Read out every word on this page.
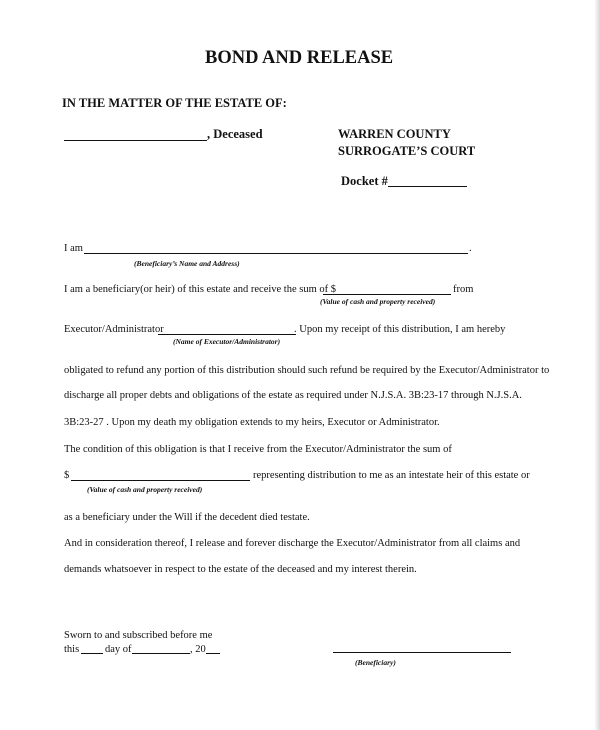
BOND AND RELEASE
IN THE MATTER OF THE ESTATE OF:
, Deceased	WARREN COUNTY
SURROGATE’S COURT
Docket #
I am	.
(Beneficiary’s Name and Address)
I am a beneficiary(or heir) of this estate and receive the sum of $	from
(Value of cash and property received)
Executor/Administrator	. Upon my receipt of this distribution, I am hereby
(Name of Executor/Administrator)
obligated to refund any portion of this distribution should such refund be required by the Executor/Administrator to
discharge all proper debts and obligations of the estate as required under N.J.S.A. 3B:23-17 through N.J.S.A.
3B:23-27 . Upon my death my obligation extends to my heirs, Executor or Administrator.
The condition of this obligation is that I receive from the Executor/Administrator the sum of
$	representing distribution to me as an intestate heir of this estate or
(Value of cash and property received)
as a beneficiary under the Will if the decedent died testate.
And in consideration thereof, I release and forever discharge the Executor/Administrator from all claims and
demands whatsoever in respect to the estate of the deceased and my interest therein.
Sworn to and subscribed before me
this day of	, 20
(Beneficiary)
